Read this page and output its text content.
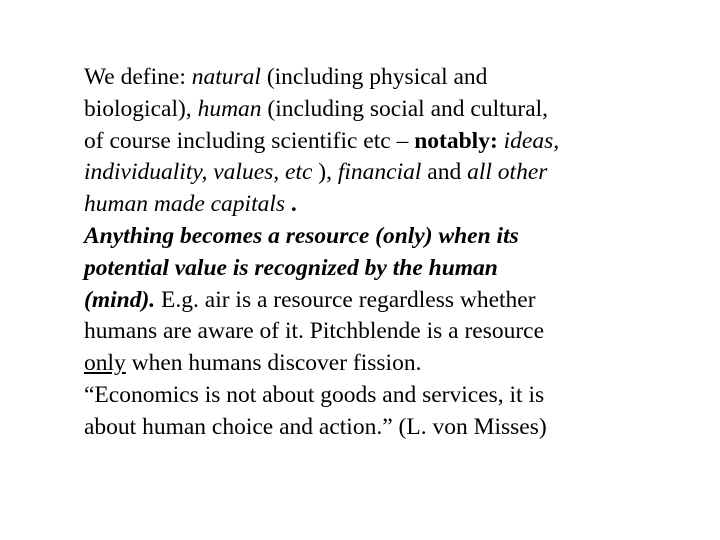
We define: natural (including physical and
biological), human (including social and cultural,
of course including scientific etc – notably: ideas,
individuality, values, etc ), financial and all other
human made capitals .
Anything becomes a resource (only) when its
potential value is recognized by the human
(mind). E.g. air is a resource regardless whether
humans are aware of it. Pitchblende is a resource
only when humans discover fission.
“Economics is not about goods and services, it is
about human choice and action.” (L. von Misses)
